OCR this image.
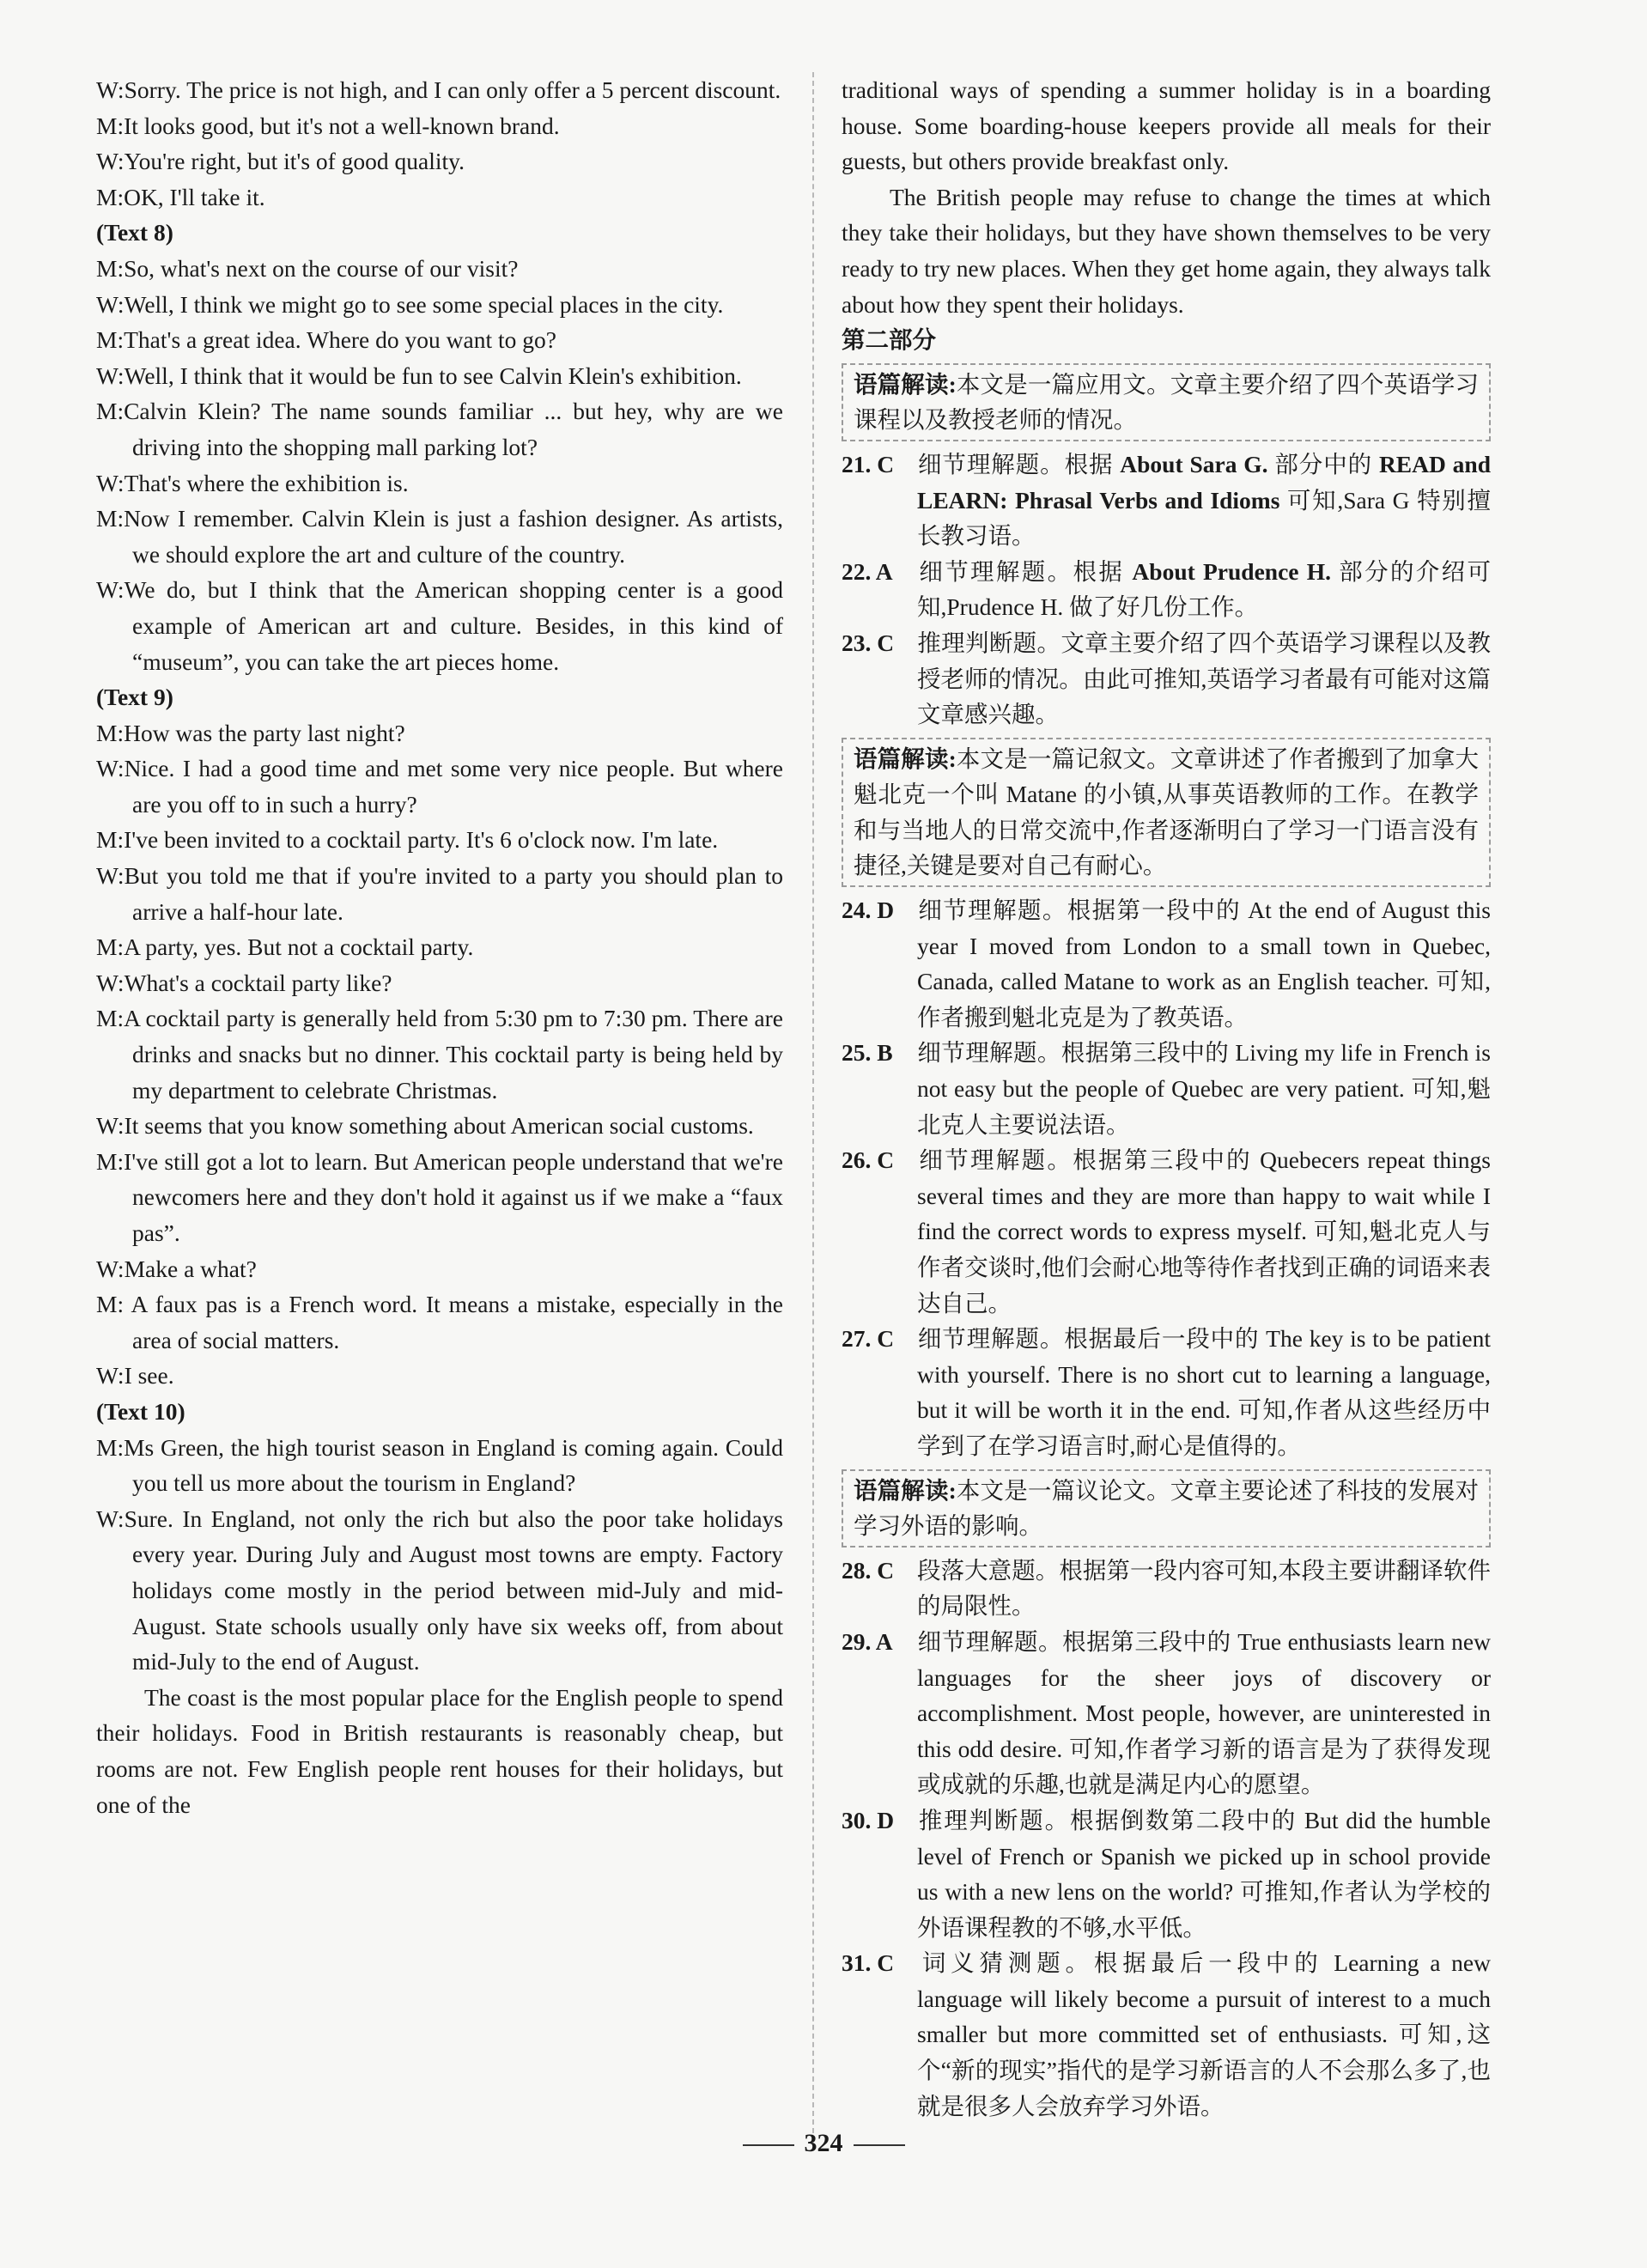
W:Sorry. The price is not high, and I can only offer a 5 percent discount.
M:It looks good, but it's not a well-known brand.
W:You're right, but it's of good quality.
M:OK, I'll take it.
(Text 8)
M:So, what's next on the course of our visit?
W:Well, I think we might go to see some special places in the city.
M:That's a great idea. Where do you want to go?
W:Well, I think that it would be fun to see Calvin Klein's exhibition.
M:Calvin Klein? The name sounds familiar ... but hey, why are we driving into the shopping mall parking lot?
W:That's where the exhibition is.
M:Now I remember. Calvin Klein is just a fashion designer. As artists, we should explore the art and culture of the country.
W:We do, but I think that the American shopping center is a good example of American art and culture. Besides, in this kind of “museum”, you can take the art pieces home.
(Text 9)
M:How was the party last night?
W:Nice. I had a good time and met some very nice people. But where are you off to in such a hurry?
M:I've been invited to a cocktail party. It's 6 o'clock now. I'm late.
W:But you told me that if you're invited to a party you should plan to arrive a half-hour late.
M:A party, yes. But not a cocktail party.
W:What's a cocktail party like?
M:A cocktail party is generally held from 5:30 pm to 7:30 pm. There are drinks and snacks but no dinner. This cocktail party is being held by my department to celebrate Christmas.
W:It seems that you know something about American social customs.
M:I've still got a lot to learn. But American people understand that we're newcomers here and they don't hold it against us if we make a “faux pas”.
W:Make a what?
M: A faux pas is a French word. It means a mistake, especially in the area of social matters.
W:I see.
(Text 10)
M:Ms Green, the high tourist season in England is coming again. Could you tell us more about the tourism in England?
W:Sure. In England, not only the rich but also the poor take holidays every year. During July and August most towns are empty. Factory holidays come mostly in the period between mid-July and mid-August. State schools usually only have six weeks off, from about mid-July to the end of August.
The coast is the most popular place for the English people to spend their holidays. Food in British restaurants is reasonably cheap, but rooms are not. Few English people rent houses for their holidays, but one of the
traditional ways of spending a summer holiday is in a boarding house. Some boarding-house keepers provide all meals for their guests, but others provide breakfast only.
The British people may refuse to change the times at which they take their holidays, but they have shown themselves to be very ready to try new places. When they get home again, they always talk about how they spent their holidays.
第二部分
语篇解读:本文是一篇应用文。文章主要介绍了四个英语学习课程以及教授老师的情况。
21. C 细节理解题。根据 About Sara G. 部分中的 READ and LEARN: Phrasal Verbs and Idioms 可知,Sara G 特别擅长教习语。
22. A 细节理解题。根据 About Prudence H. 部分的介绍可知,Prudence H. 做了好几份工作。
23. C 推理判断题。文章主要介绍了四个英语学习课程以及教授老师的情况。由此可推知,英语学习者最有可能对这篇文章感兴趣。
语篇解读:本文是一篇记叙文。文章讲述了作者搬到了加拿大魁北克一个叫 Matane 的小镇,从事英语教师的工作。在教学和与当地人的日常交流中,作者逐渐明白了学习一门语言没有捷径,关键是要对自己有耐心。
24. D 细节理解题。根据第一段中的 At the end of August this year I moved from London to a small town in Quebec, Canada, called Matane to work as an English teacher. 可知,作者搬到魁北克是为了教英语。
25. B 细节理解题。根据第三段中的 Living my life in French is not easy but the people of Quebec are very patient. 可知,魁北克人主要说法语。
26. C 细节理解题。根据第三段中的 Quebecers repeat things several times and they are more than happy to wait while I find the correct words to express myself. 可知,魁北克人与作者交谈时,他们会耐心地等待作者找到正确的词语来表达自己。
27. C 细节理解题。根据最后一段中的 The key is to be patient with yourself. There is no short cut to learning a language, but it will be worth it in the end. 可知,作者从这些经历中学到了在学习语言时,耐心是值得的。
语篇解读:本文是一篇议论文。文章主要论述了科技的发展对学习外语的影响。
28. C 段落大意题。根据第一段内容可知,本段主要讲翻译软件的局限性。
29. A 细节理解题。根据第三段中的 True enthusiasts learn new languages for the sheer joys of discovery or accomplishment. Most people, however, are uninterested in this odd desire. 可知,作者学习新的语言是为了获得发现或成就的乐趣,也就是满足内心的愿望。
30. D 推理判断题。根据倒数第二段中的 But did the humble level of French or Spanish we picked up in school provide us with a new lens on the world? 可推知,作者认为学校的外语课程教的不够,水平低。
31. C 词义猜测题。根据最后一段中的 Learning a new language will likely become a pursuit of interest to a much smaller but more committed set of enthusiasts. 可知,这个“新的现实”指代的是学习新语言的人不会那么多了,也就是很多人会放弃学习外语。
324
